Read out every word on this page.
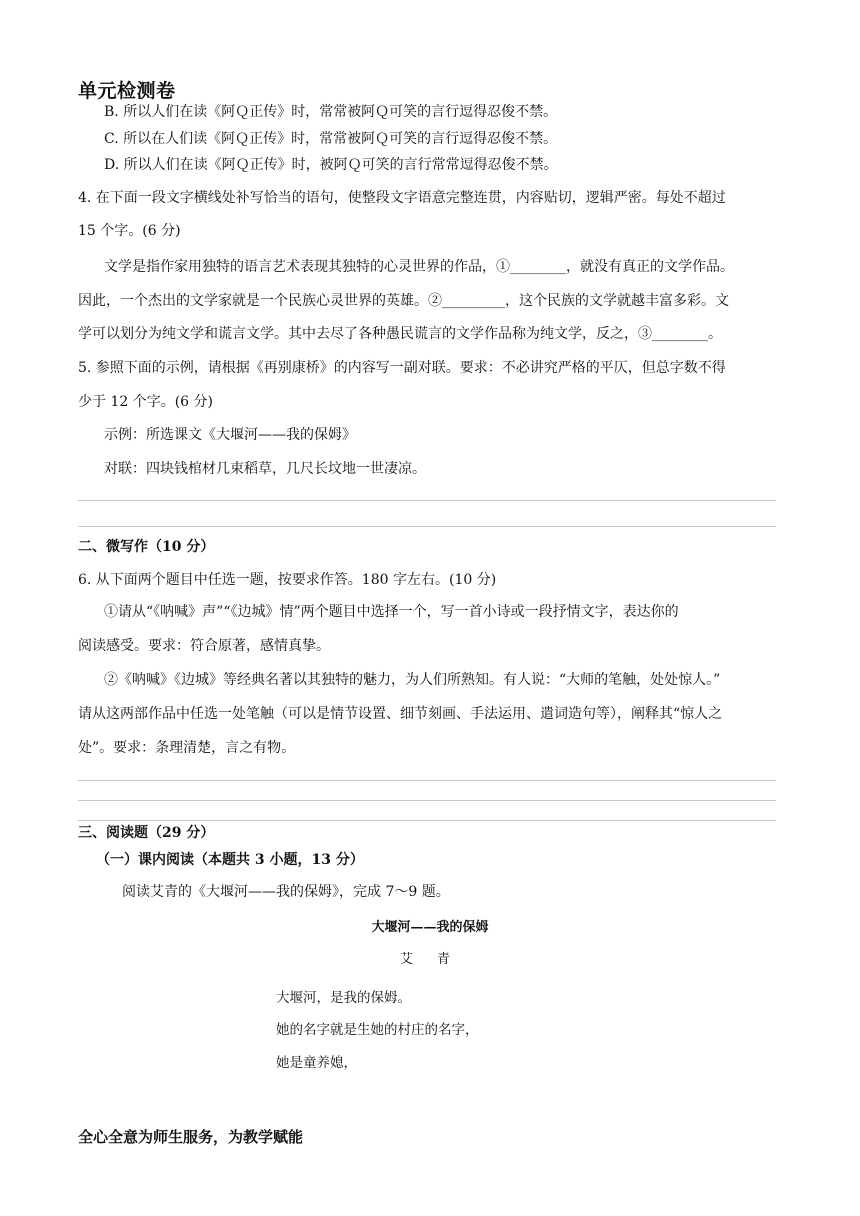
单元检测卷
B. 所以人们在读《阿Ｑ正传》时，常常被阿Ｑ可笑的言行逗得忍俊不禁。
C. 所以在人们读《阿Ｑ正传》时，常常被阿Ｑ可笑的言行逗得忍俊不禁。
D. 所以人们在读《阿Ｑ正传》时，被阿Ｑ可笑的言行常常逗得忍俊不禁。
4. 在下面一段文字横线处补写恰当的语句，使整段文字语意完整连贯，内容贴切，逻辑严密。每处不超过
15 个字。(6 分)
文学是指作家用独特的语言艺术表现其独特的心灵世界的作品，①________，就没有真正的文学作品。
因此，一个杰出的文学家就是一个民族心灵世界的英雄。②_________，这个民族的文学就越丰富多彩。文
学可以划分为纯文学和谎言文学。其中去尽了各种愚民谎言的文学作品称为纯文学，反之，③________。
5. 参照下面的示例，请根据《再别康桥》的内容写一副对联。要求：不必讲究严格的平仄，但总字数不得
少于 12 个字。(6 分)
示例：所选课文《大堰河——我的保姆》
对联：四块钱棺材几束稻草，几尺长坟地一世凄凉。
二、微写作（10 分）
6. 从下面两个题目中任选一题，按要求作答。180 字左右。(10 分)
①请从“《呐喊》声”“《边城》情”两个题目中选择一个，写一首小诗或一段抒情文字，表达你的
阅读感受。要求：符合原著，感情真挚。
②《呐喊》《边城》等经典名著以其独特的魅力，为人们所熟知。有人说：“大师的笔触，处处惊人。”
请从这两部作品中任选一处笔触（可以是情节设置、细节刻画、手法运用、遣词造句等），阐释其“惊人之
处”。要求：条理清楚，言之有物。
三、阅读题（29 分）
（一）课内阅读（本题共 3 小题，13 分）
阅读艾青的《大堰河——我的保姆》，完成 7～9 题。
大堰河——我的保姆
艾 青
大堰河，是我的保姆。
她的名字就是生她的村庄的名字，
她是童养媳，
全心全意为师生服务，为教学赋能
